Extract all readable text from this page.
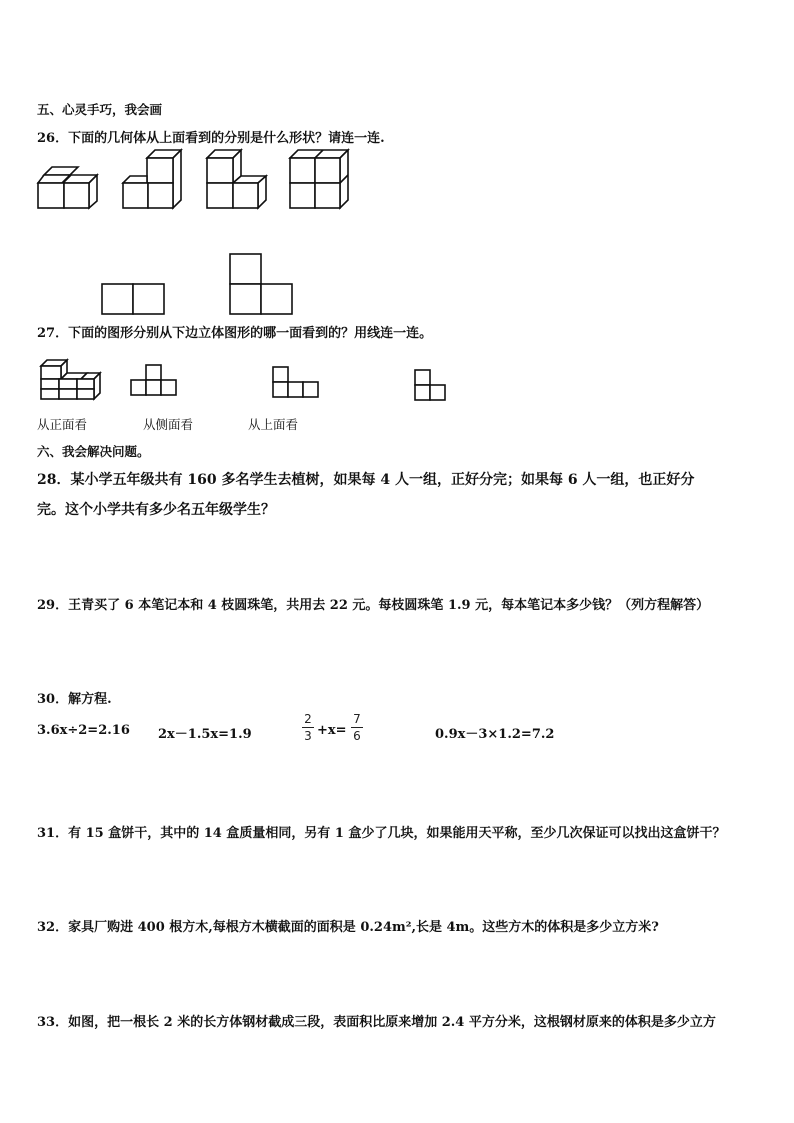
五、心灵手巧，我会画
26．下面的几何体从上面看到的分别是什么形状？请连一连.
27．下面的图形分别从下边立体图形的哪一面看到的？用线连一连。
从正面看	从侧面看	从上面看
六、我会解决问题。
28．某小学五年级共有 160 多名学生去植树，如果每 4 人一组，正好分完；如果每 6 人一组，也正好分
完。这个小学共有多少名五年级学生？
29．王青买了 6 本笔记本和 4 枝圆珠笔，共用去 22 元。每枝圆珠笔 1.9 元，每本笔记本多少钱？（列方程解答）
30．解方程.
3.6x÷2=2.16 2x－1.5x=1.9
2
3 +x=
7
6	0.9x－3×1.2=7.2
31．有 15 盒饼干，其中的 14 盒质量相同，另有 1 盒少了几块，如果能用天平称，至少几次保证可以找出这盒饼干？
32．家具厂购进 400 根方木,每根方木横截面的面积是 0.24m²,长是 4m。这些方木的体积是多少立方米?
33．如图，把一根长 2 米的长方体钢材截成三段，表面积比原来增加 2.4 平方分米，这根钢材原来的体积是多少立方
